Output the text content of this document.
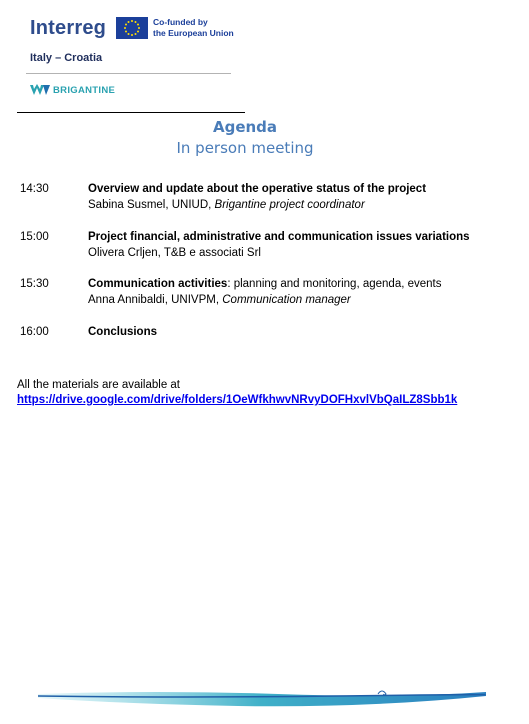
Interreg	Co-funded by
the European Union
Italy – Croatia
BRIGANTINE
Agenda
In person meeting
14:30	Overview and update about the operative status of the project
Sabina Susmel, UNIUD, Brigantine project coordinator
15:00	Project financial, administrative and communication issues variations
Olivera Crljen, T&B e associati Srl
15:30	Communication activities: planning and monitoring, agenda, events
Anna Annibaldi, UNIVPM, Communication manager
16:00	Conclusions
All the materials are available at
https://drive.google.com/drive/folders/1OeWfkhwvNRvyDOFHxvlVbQaILZ8Sbb1k
